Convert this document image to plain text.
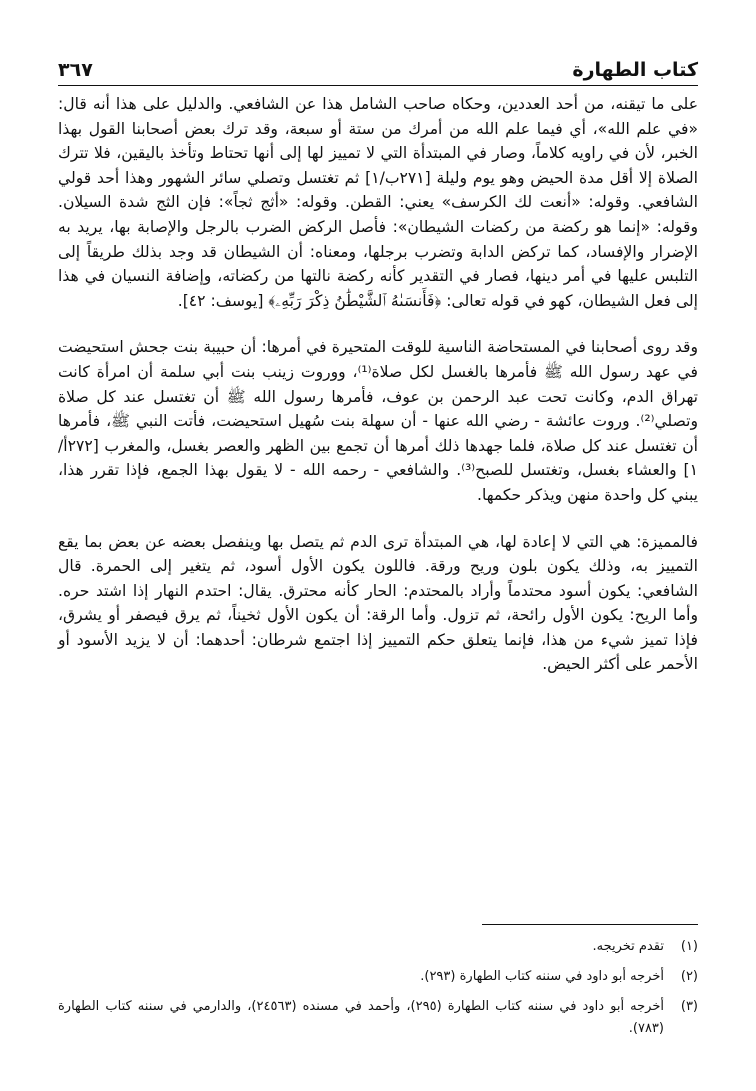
كتاب الطهارة
٣٦٧

على ما تيقنه، من أحد العددين، وحكاه صاحب الشامل هذا عن الشافعي. والدليل على هذا أنه قال: «في علم الله»، أي فيما علم الله من أمرك من ستة أو سبعة، وقد ترك بعض أصحابنا القول بهذا الخبر، لأن في راويه كلاماً، وصار في المبتدأة التي لا تمييز لها إلى أنها تحتاط وتأخذ باليقين، فلا تترك الصلاة إلا أقل مدة الحيض وهو يوم وليلة [٢٧١ب/١] ثم تغتسل وتصلي سائر الشهور وهذا أحد قولي الشافعي. وقوله: «أنعت لك الكرسف» يعني: القطن. وقوله: «أثج ثجاً»: فإن الثج شدة السيلان. وقوله: «إنما هو ركضة من ركضات الشيطان»: فأصل الركض الضرب بالرجل والإصابة بها، يريد به الإضرار والإفساد، كما تركض الدابة وتضرب برجلها، ومعناه: أن الشيطان قد وجد بذلك طريقاً إلى التلبس عليها في أمر دينها، فصار في التقدير كأنه ركضة نالتها من ركضاته، وإضافة النسيان في هذا إلى فعل الشيطان، كهو في قوله تعالى: ﴿فَأَنسَىٰهُ ٱلشَّيْطَٰنُ ذِكْرَ رَبِّهِۦ﴾ [يوسف: ٤٢].

وقد روى أصحابنا في المستحاضة الناسية للوقت المتحيرة في أمرها: أن حبيبة بنت جحش استحيضت في عهد رسول الله ﷺ فأمرها بالغسل لكل صلاة⁽¹⁾، ووروت زينب بنت أبي سلمة أن امرأة كانت تهراق الدم، وكانت تحت عبد الرحمن بن عوف، فأمرها رسول الله ﷺ أن تغتسل عند كل صلاة وتصلي⁽²⁾. وروت عائشة - رضي الله عنها - أن سهلة بنت سُهيل استحيضت، فأتت النبي ﷺ، فأمرها أن تغتسل عند كل صلاة، فلما جهدها ذلك أمرها أن تجمع بين الظهر والعصر بغسل، والمغرب [٢٧٢أ/١] والعشاء بغسل، وتغتسل للصبح⁽³⁾. والشافعي - رحمه الله - لا يقول بهذا الجمع، فإذا تقرر هذا، يبني كل واحدة منهن ويذكر حكمها.

فالمميزة: هي التي لا إعادة لها، هي المبتدأة ترى الدم ثم يتصل بها وينفصل بعضه عن بعض بما يقع التمييز به، وذلك يكون بلون وريح ورقة. فاللون يكون الأول أسود، ثم يتغير إلى الحمرة. قال الشافعي: يكون أسود محتدماً وأراد بالمحتدم: الحار كأنه محترق. يقال: احتدم النهار إذا اشتد حره. وأما الريح: يكون الأول رائحة، ثم تزول. وأما الرقة: أن يكون الأول ثخيناً، ثم يرق فيصفر أو يشرق، فإذا تميز شيء من هذا، فإنما يتعلق حكم التمييز إذا اجتمع شرطان: أحدهما: أن لا يزيد الأسود أو الأحمر على أكثر الحيض.

(١)
تقدم تخريجه.
(٢)
أخرجه أبو داود في سننه كتاب الطهارة (٢٩٣).
(٣)
أخرجه أبو داود في سننه كتاب الطهارة (٢٩٥)، وأحمد في مسنده (٢٤٥٦٣)، والدارمي في سننه كتاب الطهارة (٧٨٣).
